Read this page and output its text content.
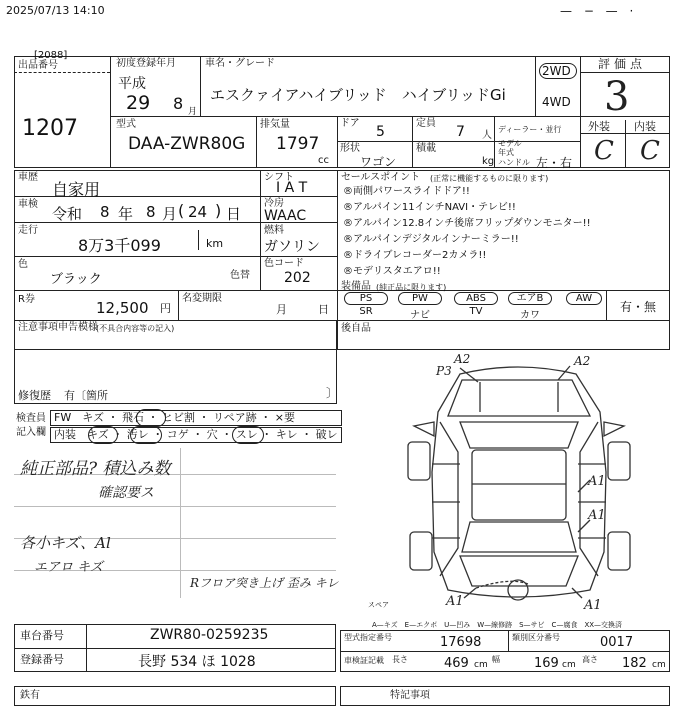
2025/07/13 14:10	— − — ·
[2088]
出品番号
1207
初度登録年月
平成
29 8 月
車名・グレード
エスクァイアハイブリッド　ハイブリッドGi
2WD
4WD
評価点
3
型式
DAA-ZWR80G
排気量
1797
cc
ドア
5
定員
7 人
ディーラー・並行
形状
ワゴン
積載
kg
モデル
年式
ハンドル 左・右
外装 内装
C C
車歴
自家用
シフト
I A T
車検
令和 8 年 8 月 24 日
( )	冷房
WAAC
走行
8万3千099	km
燃料
ガソリン
色
ブラック	色替
色コード
202
R券	12,500 円
名変期限
月	日
セールスポイント (正常に機能するものに限ります)
®両側パワースライドドア!!
®アルパイン11インチNAVI・テレビ!!
®アルパイン12.8インチ後席フリップダウンモニター!!
®アルパインデジタルインナーミラー!!
®ドライブレコーダー2カメラ!!
®モデリスタエアロ!!
装備品 (純正品に限ります)
PS	PW	ABS	エアB	AW
SR	ナビ	TV	カワ
有・無
後自品
注意事項申告模様
(不具合内容等の記入)
修復歴 有〔箇所	〕
検査員
記入欄
FW　キズ ・ 飛石 ・ ヒビ割 ・ リペア跡 ・ ×要
内装　キズ ・ 汚レ ・ コゲ ・ 穴 ・ スレ ・ キレ ・ 破レ
純正部品? 積込み数
確認要ス
各小キズ、Al
エアロ キズ
Rフロア突き上げ 歪み キレ
A2
P3
A2
A1
A1
A1	A1
スペア
A—キズ　E—エクボ　U—凹み　W—線修跡　S—サビ　C—腐食　XX—交換済
車台番号	ZWR80-0259235
登録番号	長野 534 ほ 1028
型式指定番号	17698	類別区分番号	0017
車検証記載 長さ	469 cm
幅	169 cm
高さ 182 cm
鉄有	特記事項
